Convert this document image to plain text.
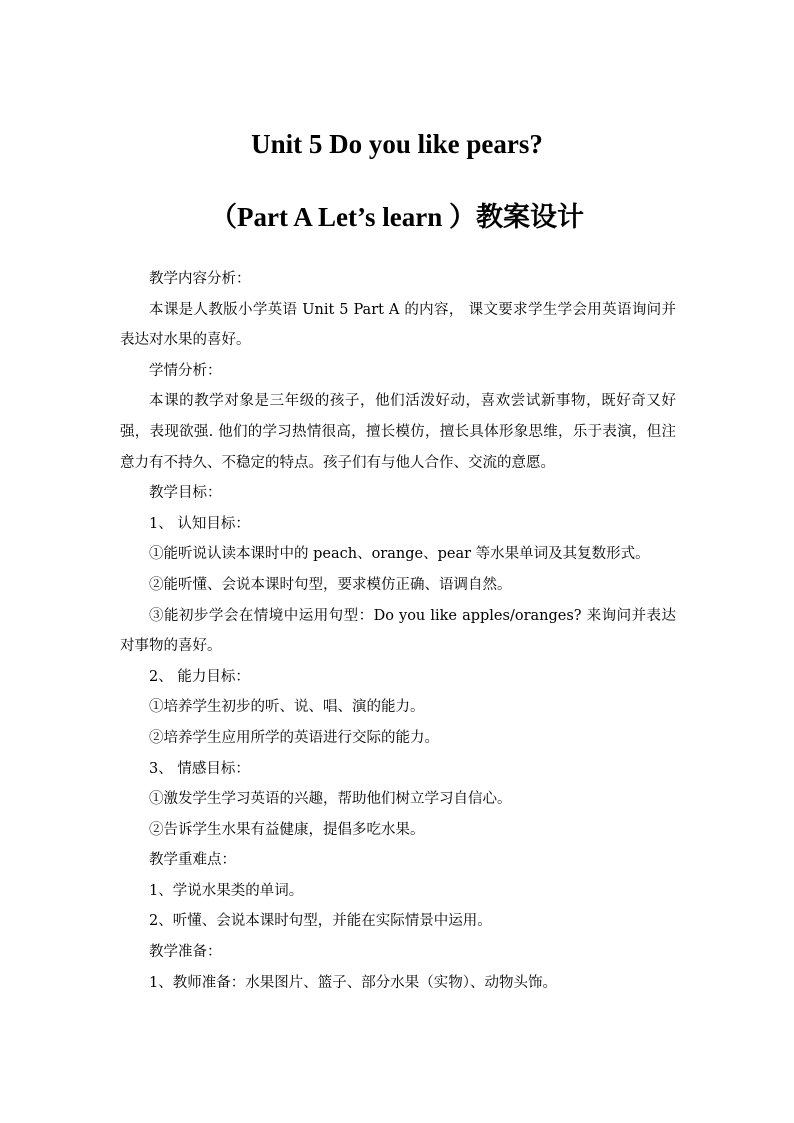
Unit 5 Do you like pears?
（Part A Let’s learn ）教案设计

教学内容分析：

本课是人教版小学英语 Unit 5 Part A 的内容， 课文要求学生学会用英语询问并表达对水果的喜好。

学情分析：

本课的教学对象是三年级的孩子，他们活泼好动，喜欢尝试新事物，既好奇又好强，表现欲强. 他们的学习热情很高，擅长模仿，擅长具体形象思维，乐于表演，但注意力有不持久、不稳定的特点。孩子们有与他人合作、交流的意愿。

教学目标：

1、 认知目标：

①能听说认读本课时中的 peach、orange、pear 等水果单词及其复数形式。

②能听懂、会说本课时句型，要求模仿正确、语调自然。

③能初步学会在情境中运用句型：Do you like apples/oranges? 来询问并表达对事物的喜好。

2、 能力目标：

①培养学生初步的听、说、唱、演的能力。

②培养学生应用所学的英语进行交际的能力。

3、 情感目标：

①激发学生学习英语的兴趣，帮助他们树立学习自信心。

②告诉学生水果有益健康，提倡多吃水果。

教学重难点：

1、学说水果类的单词。

2、听懂、会说本课时句型，并能在实际情景中运用。

教学准备：

1、教师准备：水果图片、篮子、部分水果（实物）、动物头饰。
